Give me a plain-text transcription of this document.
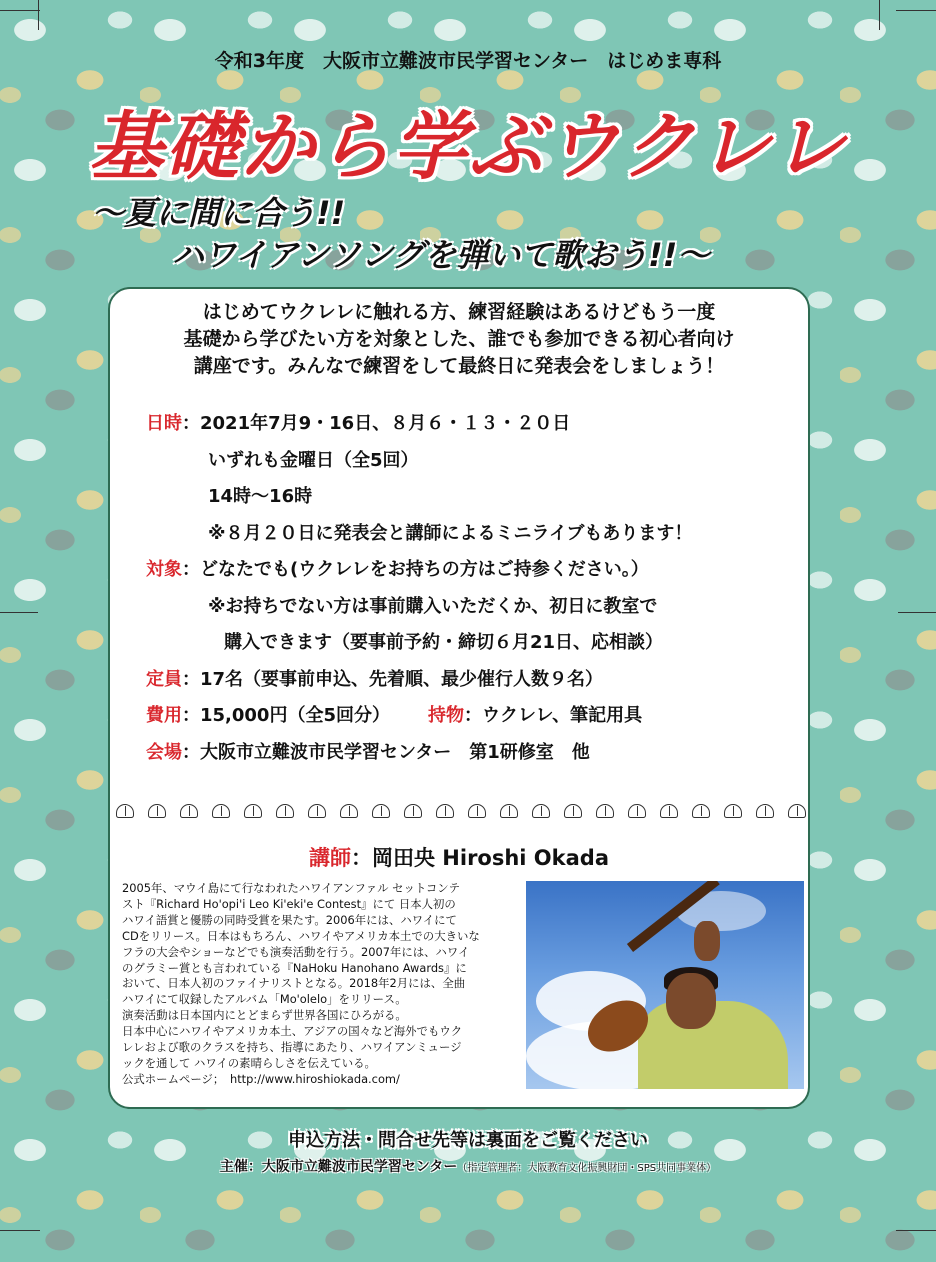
令和3年度　大阪市立難波市民学習センター　はじめま専科
基礎から学ぶウクレレ
〜夏に間に合う!!
ハワイアンソングを弾いて歌おう!!〜
はじめてウクレレに触れる方、練習経験はあるけどもう一度
基礎から学びたい方を対象とした、誰でも参加できる初心者向け
講座です。みんなで練習をして最終日に発表会をしましょう！
日時 ： 2021年7月9・16日、８月６・１３・２０日
いずれも金曜日（全5回）
14時〜16時
※８月２０日に発表会と講師によるミニライブもあります！
対象 ： どなたでも(ウクレレをお持ちの方はご持参ください。）
※お持ちでない方は事前購入いただくか、初日に教室で
購入できます（要事前予約・締切６月21日、応相談）
定員 ： 17名（要事前申込、先着順、最少催行人数９名）
費用 ： 15,000円（全5回分） 持物 ： ウクレレ、筆記用具
会場 ： 大阪市立難波市民学習センター　第1研修室　他
講師：岡田央 Hiroshi Okada

2005年、マウイ島にて行なわれたハワイアンファル セットコンテ

スト『Richard Ho'opi'i Leo Ki'eki'e Contest』にて 日本人初の

ハワイ語賞と優勝の同時受賞を果たす。2006年には、ハワイにて

CDをリリース。日本はもちろん、ハワイやアメリカ本土での大きいな

フラの大会やショーなどでも演奏活動を行う。2007年には、ハワイ

のグラミー賞とも言われている『NaHoku Hanohano Awards』に

おいて、日本人初のファイナリストとなる。2018年2月には、全曲

ハワイにて収録したアルバム「Mo'olelo」をリリース。

演奏活動は日本国内にとどまらず世界各国にひろがる。

日本中心にハワイやアメリカ本土、アジアの国々など海外でもウク

レレおよび歌のクラスを持ち、指導にあたり、ハワイアンミュージ

ックを通して ハワイの素晴らしさを伝えている。

公式ホームページ；　http://www.hiroshiokada.com/

申込方法・問合せ先等は裏面をご覧ください
主催：大阪市立難波市民学習センター（指定管理者：大阪教育文化振興財団・SPS共同事業体）
